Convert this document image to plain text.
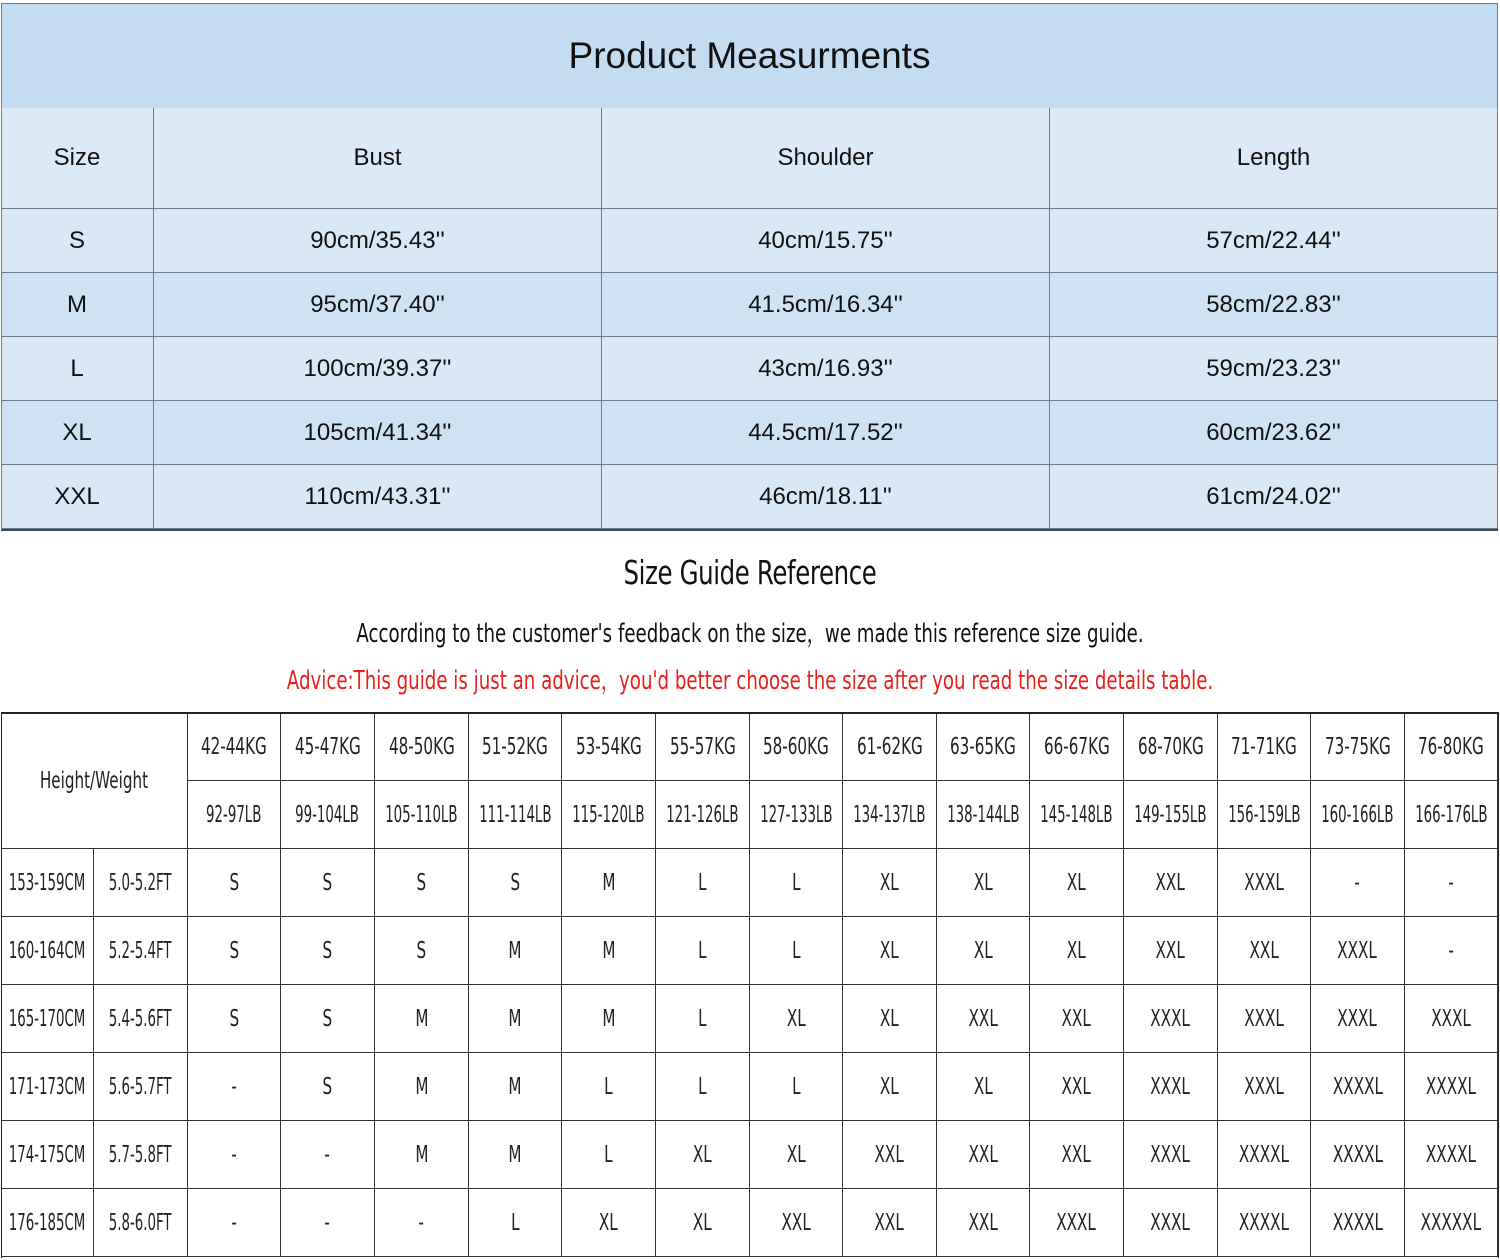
Product Measurments
Size	Bust	Shoulder	Length
S	90cm/35.43''	40cm/15.75''	57cm/22.44''
M	95cm/37.40''	41.5cm/16.34''	58cm/22.83''
L	100cm/39.37''	43cm/16.93''	59cm/23.23''
XL	105cm/41.34''	44.5cm/17.52''	60cm/23.62''
XXL	110cm/43.31''	46cm/18.11''	61cm/24.02''
Size Guide Reference
According to the customer's feedback on the size，we made this reference size guide.
Advice:This guide is just an advice，you'd better choose the size after you read the size details table.
Height/Weight
42-44KG 45-47KG 48-50KG 51-52KG 53-54KG 55-57KG 58-60KG 61-62KG 63-65KG 66-67KG 68-70KG 71-71KG 73-75KG 76-80KG
92-97LB 99-104LB 105-110LB 111-114LB 115-120LB 121-126LB 127-133LB 134-137LB 138-144LB 145-148LB 149-155LB 156-159LB 160-166LB 166-176LB
153-159CM 5.0-5.2FT S	S	S	S	M	L	L	XL	XL	XL	XXL	XXXL	-	-
160-164CM 5.2-5.4FT S	S	S	M	M	L	L	XL	XL	XL	XXL	XXL	XXXL	-
165-170CM 5.4-5.6FT S	S	M	M	M	L	XL	XL	XXL	XXL	XXXL XXXL XXXL XXXL
171-173CM 5.6-5.7FT	-	S	M	M	L	L	L	XL	XL	XXL	XXXL XXXL XXXXL XXXXL
174-175CM 5.7-5.8FT	-	-	M	M	L	XL	XL	XXL	XXL	XXL	XXXL XXXXL XXXXL XXXXL
176-185CM 5.8-6.0FT	-	-	-	L	XL	XL	XXL	XXL	XXL	XXXL XXXL XXXXL XXXXL XXXXXL
